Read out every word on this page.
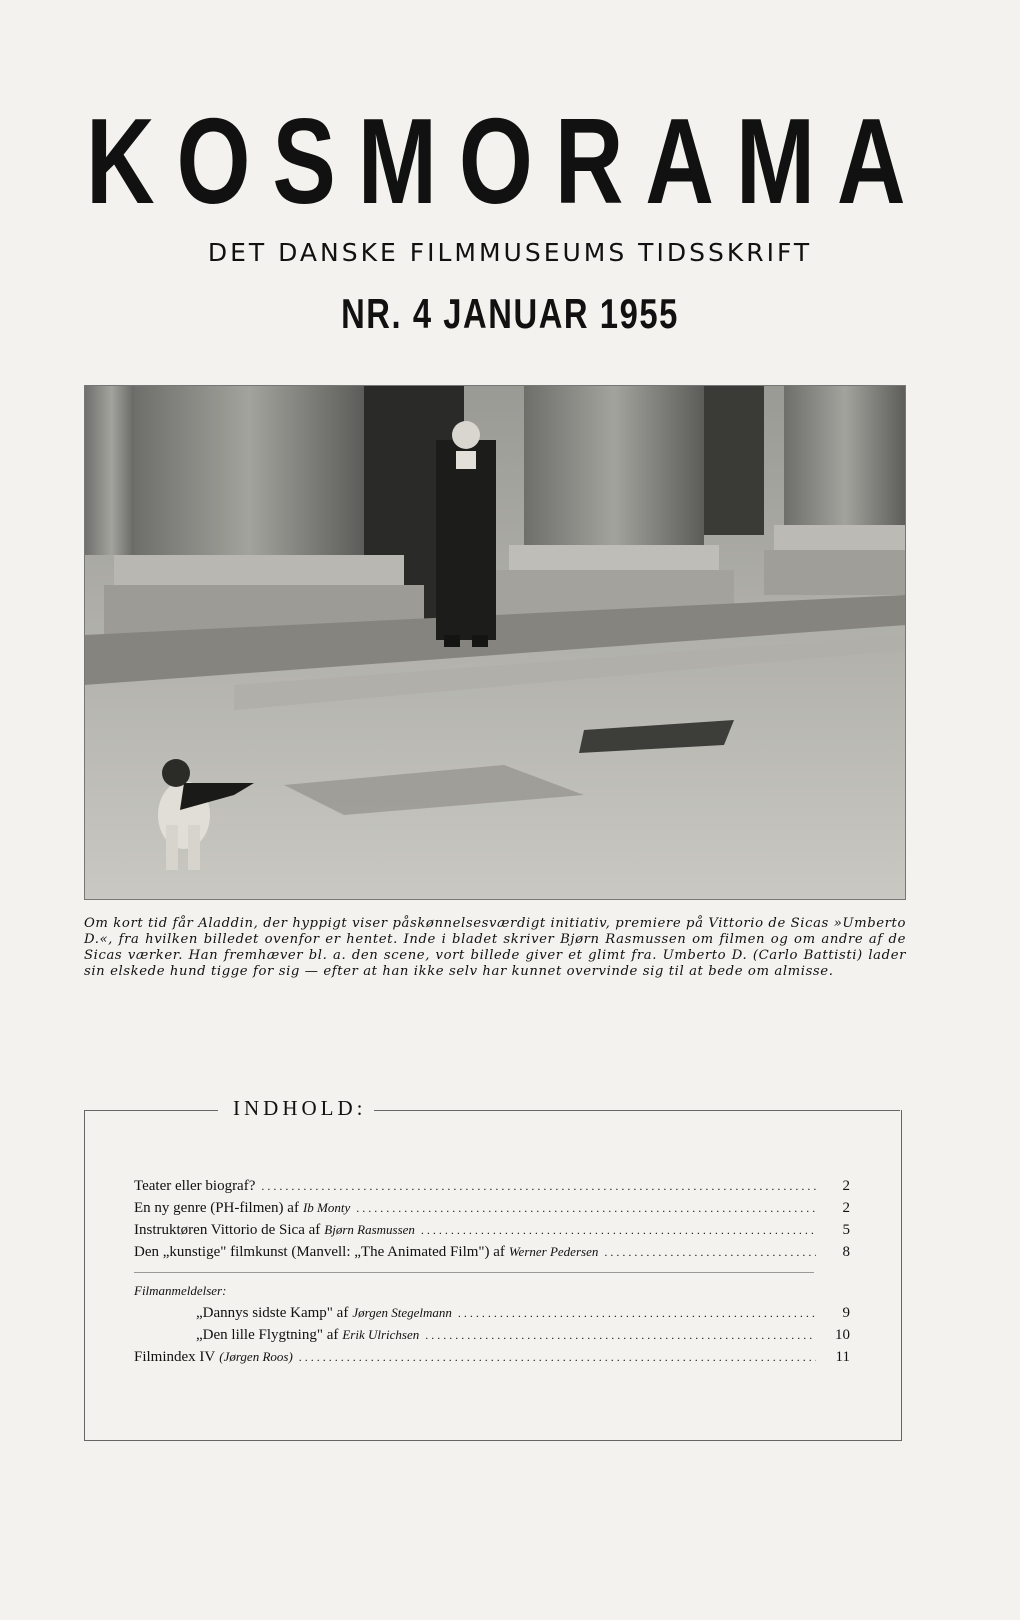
KOSMORAMA
DET DANSKE FILMMUSEUMS TIDSSKRIFT
NR. 4 JANUAR 1955
Om kort tid får Aladdin, der hyppigt viser påskønnelsesværdigt initiativ, premiere på Vittorio de Sicas »Umberto D.«, fra hvilken billedet ovenfor er hentet. Inde i bladet skriver Bjørn Rasmussen om filmen og om andre af de Sicas værker. Han fremhæver bl. a. den scene, vort billede giver et glimt fra. Umberto D. (Carlo Battisti) lader sin elskede hund tigge for sig — efter at han ikke selv har kunnet overvinde sig til at bede om almisse.
INDHOLD:
Teater eller biograf? .....	2
En ny genre (PH-filmen) af Ib Monty .....	2
Instruktøren Vittorio de Sica af Bjørn Rasmussen .....	5
Den „kunstige" filmkunst (Manvell: „The Animated Film") af Werner Pedersen .....	8
Filmanmeldelser:
„Dannys sidste Kamp" af Jørgen Stegelmann .....	9
„Den lille Flygtning" af Erik Ulrichsen .....	10
Filmindex IV (Jørgen Roos) .....	11
